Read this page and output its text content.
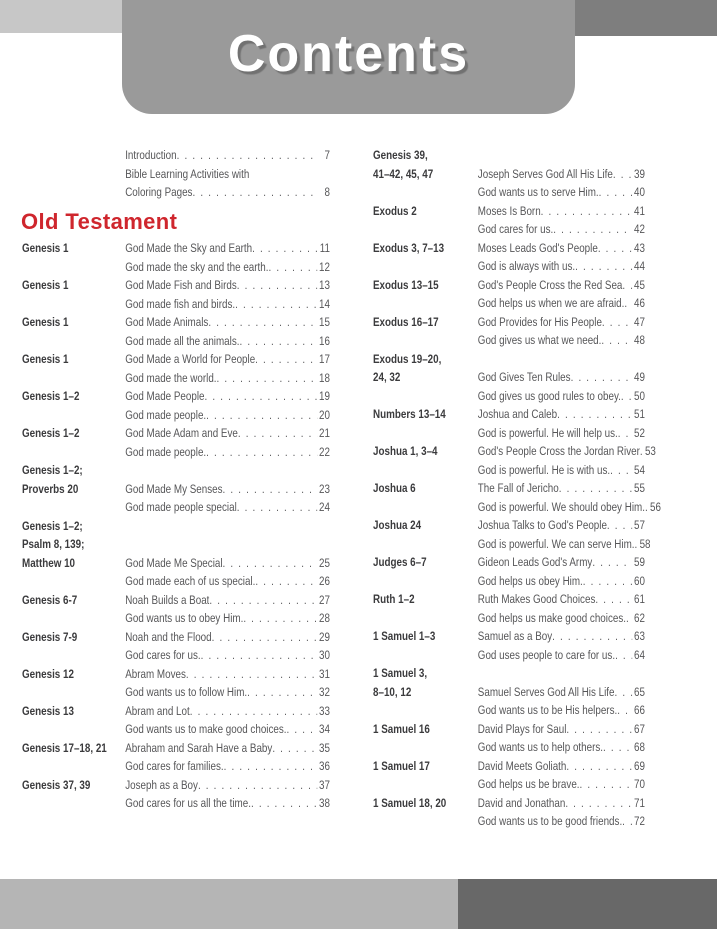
Contents
Introduction . . .	7
Bible Learning Activities with
Coloring Pages . . .	8
Old Testament
Genesis 1	God Made the Sky and Earth . . .	11
God made the sky and the earth. . . .	12
Genesis 1	God Made Fish and Birds . . .	13
God made fish and birds. . . .	14
Genesis 1	God Made Animals . . .	15
God made all the animals. . . .	16
Genesis 1	God Made a World for People . . .	17
God made the world. . . .	18
Genesis 1–2	God Made People . . .	19
God made people. . . .	20
Genesis 1–2	God Made Adam and Eve . . .	21
God made people. . . .	22
Genesis 1–2;
Proverbs 20	God Made My Senses . . .	23
God made people special . . .	24
Genesis 1–2;
Psalm 8, 139;
Matthew 10	God Made Me Special . . .	25
God made each of us special. . . .	26
Genesis 6-7	Noah Builds a Boat . . .	27
God wants us to obey Him. . . .	28
Genesis 7-9	Noah and the Flood . . .	29
God cares for us. . . .	30
Genesis 12	Abram Moves . . .	31
God wants us to follow Him. . . .	32
Genesis 13	Abram and Lot . . .	33
God wants us to make good choices. . . .	34
Genesis 17–18, 21	Abraham and Sarah Have a Baby . . .	35
God cares for families. . . .	36
Genesis 37, 39	Joseph as a Boy . . .	37
God cares for us all the time. . . .	38
Genesis 39,
41–42, 45, 47	Joseph Serves God All His Life . . . 39
God wants us to serve Him. . . .	40
Exodus 2	Moses Is Born . . .	41
God cares for us. . . .	42
Exodus 3, 7–13	Moses Leads God's People . . .	43
God is always with us. . . .	44
Exodus 13–15	God's People Cross the Red Sea . . . 45
God helps us when we are afraid. . . . 46
Exodus 16–17	God Provides for His People . . .	47
God gives us what we need. . . .	48
Exodus 19–20,
24, 32	God Gives Ten Rules . . .	49
God gives us good rules to obey. . . . 50
Numbers 13–14	Joshua and Caleb . . .	51
God is powerful. He will help us. . . . 52
Joshua 1, 3–4	God's People Cross the Jordan River . . . 53
God is powerful. He is with us. . . . 54
Joshua 6	The Fall of Jericho . . .	55
God is powerful. We should obey Him. . . . 56
Joshua 24	Joshua Talks to God's People . . . 57
God is powerful. We can serve Him. . . . 58
Judges 6–7	Gideon Leads God's Army . . .	59
God helps us obey Him. . . .	60
Ruth 1–2	Ruth Makes Good Choices . . .	61
God helps us make good choices. . . . 62
1 Samuel 1–3	Samuel as a Boy . . .	63
God uses people to care for us. . . . 64
1 Samuel 3,
8–10, 12	Samuel Serves God All His Life . . . 65
God wants us to be His helpers. . . . 66
1 Samuel 16	David Plays for Saul . . .	67
God wants us to help others. . . .	68
1 Samuel 17	David Meets Goliath . . .	69
God helps us be brave. . . .	70
1 Samuel 18, 20	David and Jonathan . . .	71
God wants us to be good friends. . . . 72
